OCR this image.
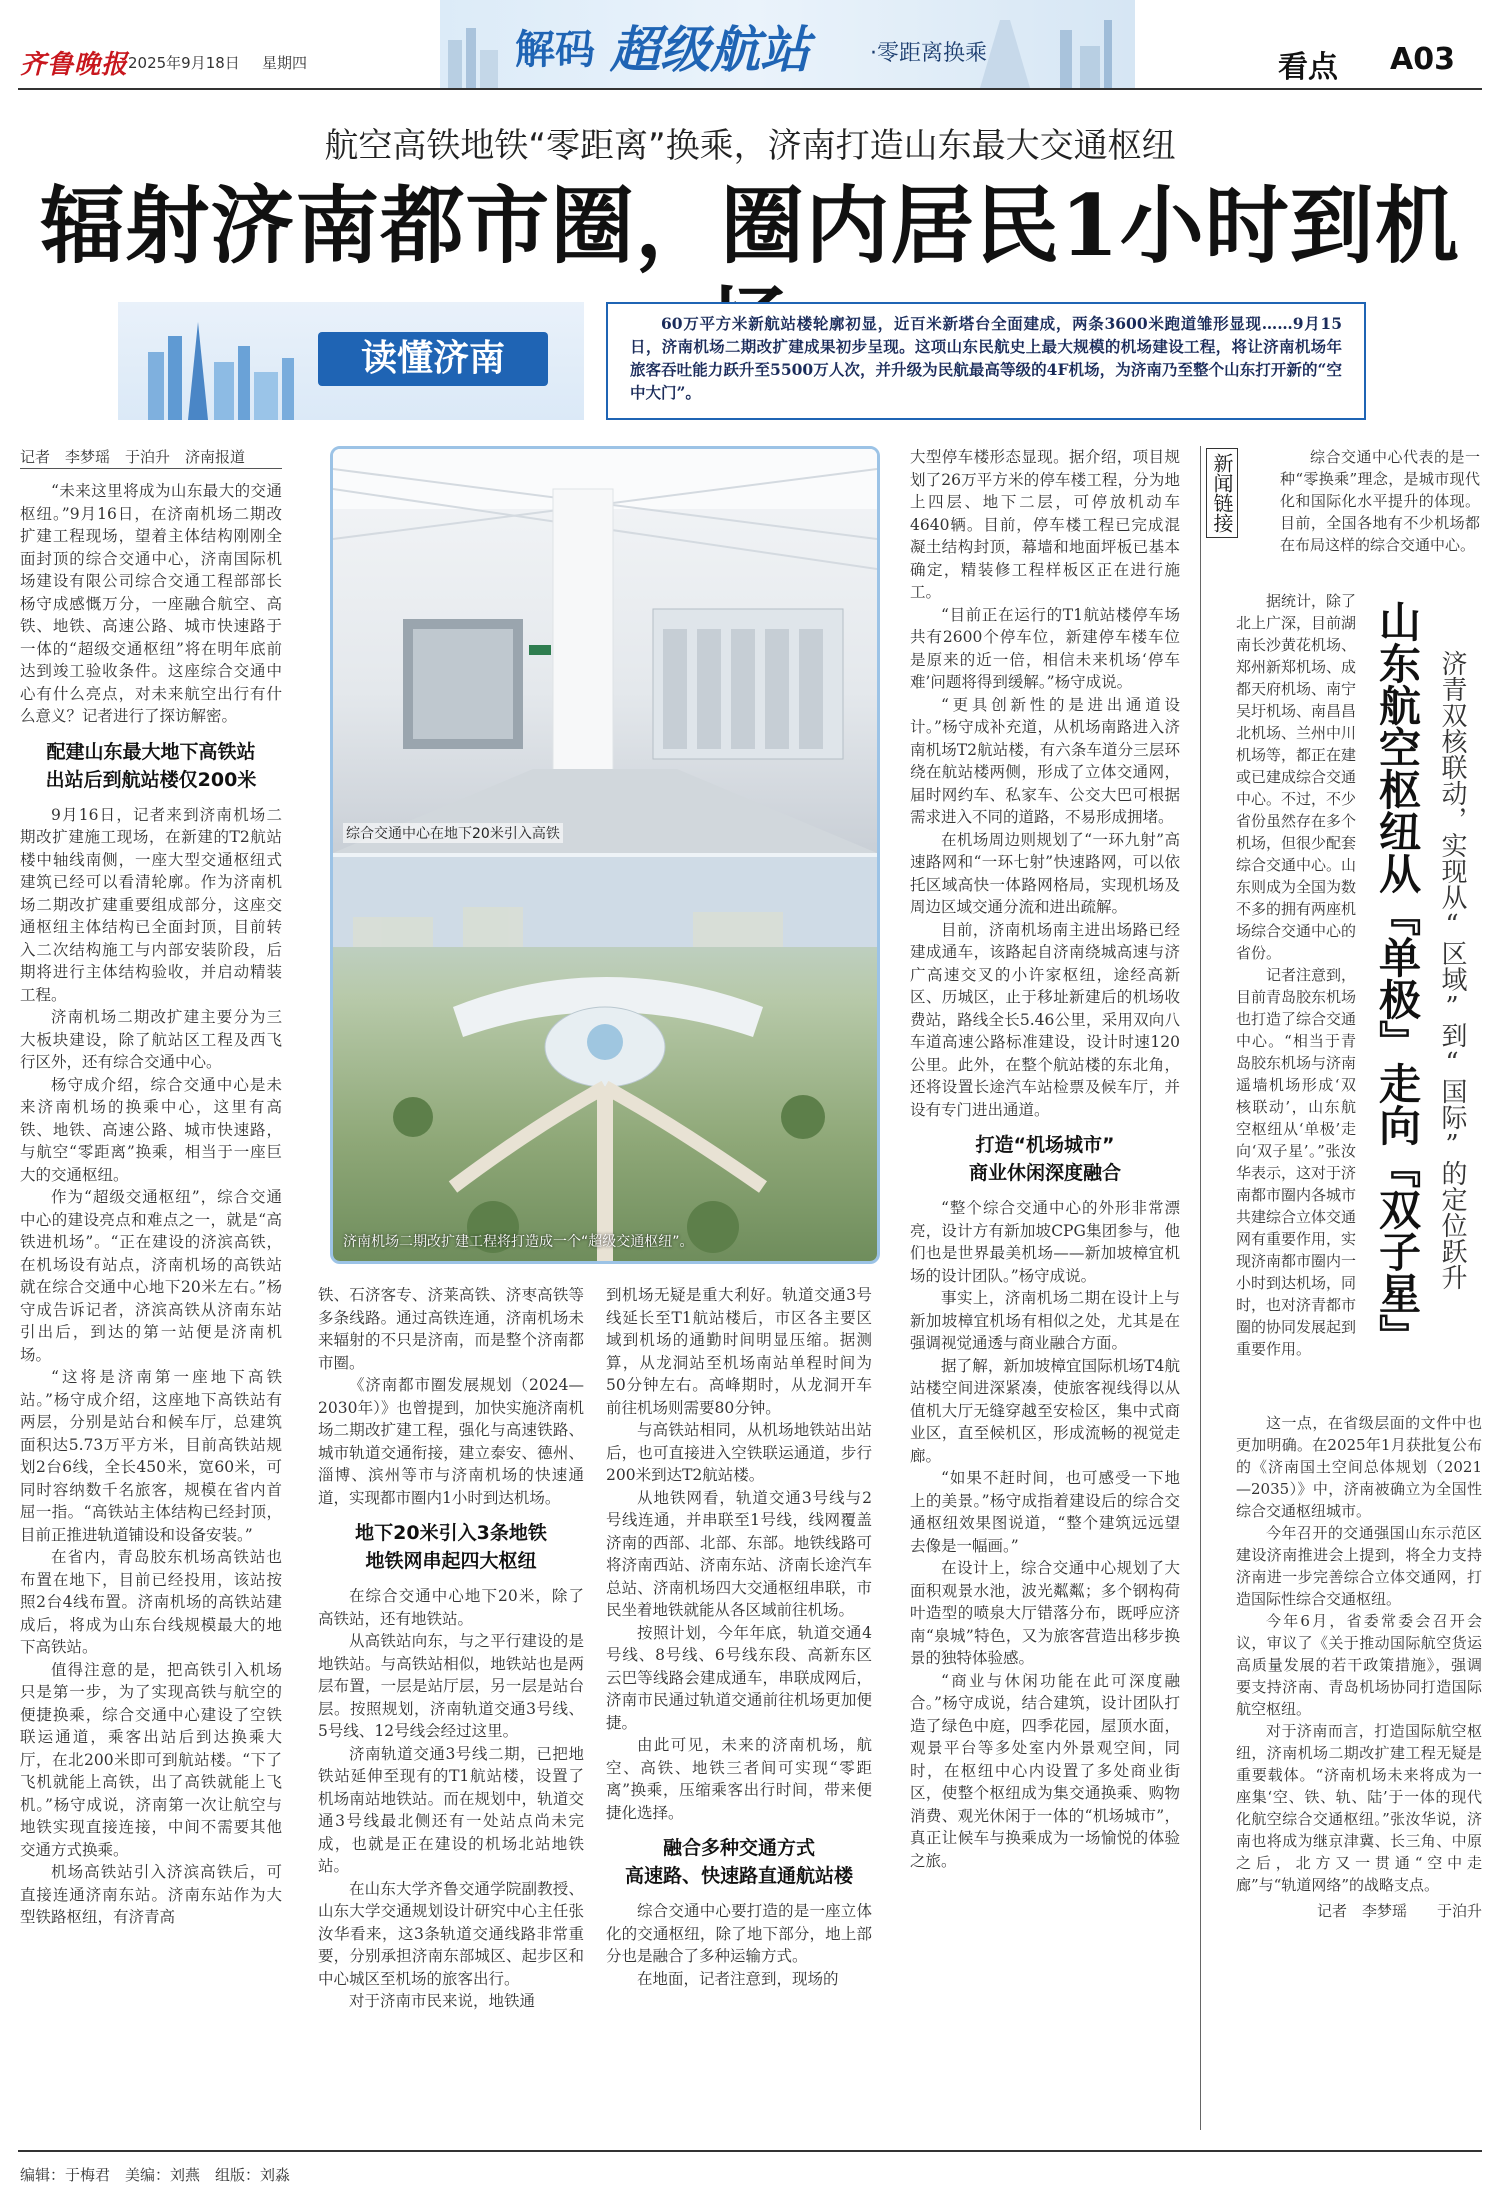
齐鲁晚报 2025年9月18日 星期四	解码 超级航站	·零距离换乘	看点 A03
航空高铁地铁“零距离”换乘，济南打造山东最大交通枢纽
辐射济南都市圈，圈内居民1小时到机
读懂济南
60万平方米新航站楼轮廓初显，近百米新塔台全面建成，两条3600米跑道雏形显现……9月15日，济南机场二期改扩建成果初步呈现。这项山东民航史上最大规模的机场建设工程，将让济南机场年旅客吞吐能力跃升至5500万人次，并升级为民航最高等级的4F机场，为济南乃至整个山东打开新的“空中大门”。
记者　李梦瑶　于泊升　济南报道

“未来这里将成为山东最大的交通枢纽。”9月16日，在济南机场二期改扩建工程现场，望着主体结构刚刚全面封顶的综合交通中心，济南国际机场建设有限公司综合交通工程部部长杨守成感慨万分，一座融合航空、高铁、地铁、高速公路、城市快速路于一体的“超级交通枢纽”将在明年底前达到竣工验收条件。这座综合交通中心有什么亮点，对未来航空出行有什么意义？记者进行了探访解密。

配建山东最大地下高铁站
出站后到航站楼仅200米

9月16日，记者来到济南机场二期改扩建施工现场，在新建的T2航站楼中轴线南侧，一座大型交通枢纽式建筑已经可以看清轮廓。作为济南机场二期改扩建重要组成部分，这座交通枢纽主体结构已全面封顶，目前转入二次结构施工与内部安装阶段，后期将进行主体结构验收，并启动精装工程。

济南机场二期改扩建主要分为三大板块建设，除了航站区工程及西飞行区外，还有综合交通中心。

杨守成介绍，综合交通中心是未来济南机场的换乘中心，这里有高铁、地铁、高速公路、城市快速路，与航空“零距离”换乘，相当于一座巨大的交通枢纽。

作为“超级交通枢纽”，综合交通中心的建设亮点和难点之一，就是“高铁进机场”。“正在建设的济滨高铁，在机场设有站点，济南机场的高铁站就在综合交通中心地下20米左右。”杨守成告诉记者，济滨高铁从济南东站引出后，到达的第一站便是济南机场。

“这将是济南第一座地下高铁站。”杨守成介绍，这座地下高铁站有两层，分别是站台和候车厅，总建筑面积达5.73万平方米，目前高铁站规划2台6线，全长450米，宽60米，可同时容纳数千名旅客，规模在省内首屈一指。“高铁站主体结构已经封顶，目前正推进轨道铺设和设备安装。”

在省内，青岛胶东机场高铁站也布置在地下，目前已经投用，该站按照2台4线布置。济南机场的高铁站建成后，将成为山东台线规模最大的地下高铁站。

值得注意的是，把高铁引入机场只是第一步，为了实现高铁与航空的便捷换乘，综合交通中心建设了空铁联运通道，乘客出站后到达换乘大厅，在北200米即可到航站楼。“下了飞机就能上高铁，出了高铁就能上飞机。”杨守成说，济南第一次让航空与地铁实现直接连接，中间不需要其他交通方式换乘。

机场高铁站引入济滨高铁后，可直接连通济南东站。济南东站作为大型铁路枢纽，有济青高

综合交通中心在地下20米引入高铁
济南机场二期改扩建工程将打造成一个“超级交通枢纽”。

铁、石济客专、济莱高铁、济枣高铁等多条线路。通过高铁连通，济南机场未来辐射的不只是济南，而是整个济南都市圈。

《济南都市圈发展规划（2024—2030年）》也曾提到，加快实施济南机场二期改扩建工程，强化与高速铁路、城市轨道交通衔接，建立泰安、德州、淄博、滨州等市与济南机场的快速通道，实现都市圈内1小时到达机场。

地下20米引入3条地铁
地铁网串起四大枢纽

在综合交通中心地下20米，除了高铁站，还有地铁站。

从高铁站向东，与之平行建设的是地铁站。与高铁站相似，地铁站也是两层布置，一层是站厅层，另一层是站台层。按照规划，济南轨道交通3号线、5号线、12号线会经过这里。

济南轨道交通3号线二期，已把地铁站延伸至现有的T1航站楼，设置了机场南站地铁站。而在规划中，轨道交通3号线最北侧还有一处站点尚未完成，也就是正在建设的机场北站地铁站。

在山东大学齐鲁交通学院副教授、山东大学交通规划设计研究中心主任张汝华看来，这3条轨道交通线路非常重要，分别承担济南东部城区、起步区和中心城区至机场的旅客出行。

对于济南市民来说，地铁通

到机场无疑是重大利好。轨道交通3号线延长至T1航站楼后，市区各主要区域到机场的通勤时间明显压缩。据测算，从龙洞站至机场南站单程时间为50分钟左右。高峰期时，从龙洞开车前往机场则需要80分钟。

与高铁站相同，从机场地铁站出站后，也可直接进入空铁联运通道，步行200米到达T2航站楼。

从地铁网看，轨道交通3号线与2号线连通，并串联至1号线，线网覆盖济南的西部、北部、东部。地铁线路可将济南西站、济南东站、济南长途汽车总站、济南机场四大交通枢纽串联，市民坐着地铁就能从各区域前往机场。

按照计划，今年年底，轨道交通4号线、8号线、6号线东段、高新东区云巴等线路会建成通车，串联成网后，济南市民通过轨道交通前往机场更加便捷。

由此可见，未来的济南机场，航空、高铁、地铁三者间可实现“零距离”换乘，压缩乘客出行时间，带来便捷化选择。

融合多种交通方式
高速路、快速路直通航站楼

综合交通中心要打造的是一座立体化的交通枢纽，除了地下部分，地上部分也是融合了多种运输方式。

在地面，记者注意到，现场的

大型停车楼形态显现。据介绍，项目规划了26万平方米的停车楼工程，分为地上四层、地下二层，可停放机动车4640辆。目前，停车楼工程已完成混凝土结构封顶，幕墙和地面坪板已基本确定，精装修工程样板区正在进行施工。

“目前正在运行的T1航站楼停车场共有2600个停车位，新建停车楼车位是原来的近一倍，相信未来机场‘停车难’问题将得到缓解。”杨守成说。

“更具创新性的是进出通道设计。”杨守成补充道，从机场南路进入济南机场T2航站楼，有六条车道分三层环绕在航站楼两侧，形成了立体交通网，届时网约车、私家车、公交大巴可根据需求进入不同的道路，不易形成拥堵。

在机场周边则规划了“一环九射”高速路网和“一环七射”快速路网，可以依托区域高快一体路网格局，实现机场及周边区域交通分流和进出疏解。

目前，济南机场南主进出场路已经建成通车，该路起自济南绕城高速与济广高速交叉的小许家枢纽，途经高新区、历城区，止于移址新建后的机场收费站，路线全长5.46公里，采用双向八车道高速公路标准建设，设计时速120公里。此外，在整个航站楼的东北角，还将设置长途汽车站检票及候车厅，并设有专门进出通道。

打造“机场城市”
商业休闲深度融合

“整个综合交通中心的外形非常漂亮，设计方有新加坡CPG集团参与，他们也是世界最美机场——新加坡樟宜机场的设计团队。”杨守成说。

事实上，济南机场二期在设计上与新加坡樟宜机场有相似之处，尤其是在强调视觉通透与商业融合方面。

据了解，新加坡樟宜国际机场T4航站楼空间进深紧凑，使旅客视线得以从值机大厅无缝穿越至安检区，集中式商业区，直至候机区，形成流畅的视觉走廊。

“如果不赶时间，也可感受一下地上的美景。”杨守成指着建设后的综合交通枢纽效果图说道，“整个建筑远远望去像是一幅画。”

在设计上，综合交通中心规划了大面积观景水池，波光粼粼；多个钢构荷叶造型的喷泉大厅错落分布，既呼应济南“泉城”特色，又为旅客营造出移步换景的独特体验感。

“商业与休闲功能在此可深度融合。”杨守成说，结合建筑，设计团队打造了绿色中庭，四季花园，屋顶水面，观景平台等多处室内外景观空间，同时，在枢纽中心内设置了多处商业街区，使整个枢纽成为集交通换乘、购物消费、观光休闲于一体的“机场城市”，真正让候车与换乘成为一场愉悦的体验之旅。

新闻链接	综合交通中心代表的是一种“零换乘”理念，是城市现代化和国际化水平提升的体现。目前，全国各地有不少机场都在布局这样的综合交通中心。

据统计，除了北上广深，目前湖南长沙黄花机场、郑州新郑机场、成都天府机场、南宁吴圩机场、南昌昌北机场、兰州中川机场等，都正在建或已建成综合交通中心。不过，不少省份虽然存在多个机场，但很少配套综合交通中心。山东则成为全国为数不多的拥有两座机场综合交通中心的省份。

记者注意到，目前青岛胶东机场也打造了综合交通中心。“相当于青岛胶东机场与济南遥墙机场形成‘双核联动’，山东航空枢纽从‘单极’走向‘双子星’。”张汝华表示，这对于济南都市圈内各城市共建综合立体交通网有重要作用，实现济南都市圈内一小时到达机场，同时，也对济青都市圈的协同发展起到重要作用。	山东航空枢纽从『单极』走向『双子星』 济青双核联动，实现从“区域”到“国际”的定位跃升

这一点，在省级层面的文件中也更加明确。在2025年1月获批复公布的《济南国土空间总体规划（2021—2035）》中，济南被确立为全国性综合交通枢纽城市。

今年召开的交通强国山东示范区建设济南推进会上提到，将全力支持济南进一步完善综合立体交通网，打造国际性综合交通枢纽。

今年6月，省委常委会召开会议，审议了《关于推动国际航空货运高质量发展的若干政策措施》，强调要支持济南、青岛机场协同打造国际航空枢纽。

对于济南而言，打造国际航空枢纽，济南机场二期改扩建工程无疑是重要载体。“济南机场未来将成为一座集‘空、铁、轨、陆’于一体的现代化航空综合交通枢纽。”张汝华说，济南也将成为继京津冀、长三角、中原之后，北方又一贯通“空中走廊”与“轨道网络”的战略支点。

记者　李梦瑶　　于泊升
编辑：于梅君　美编：刘燕　组版：刘淼
